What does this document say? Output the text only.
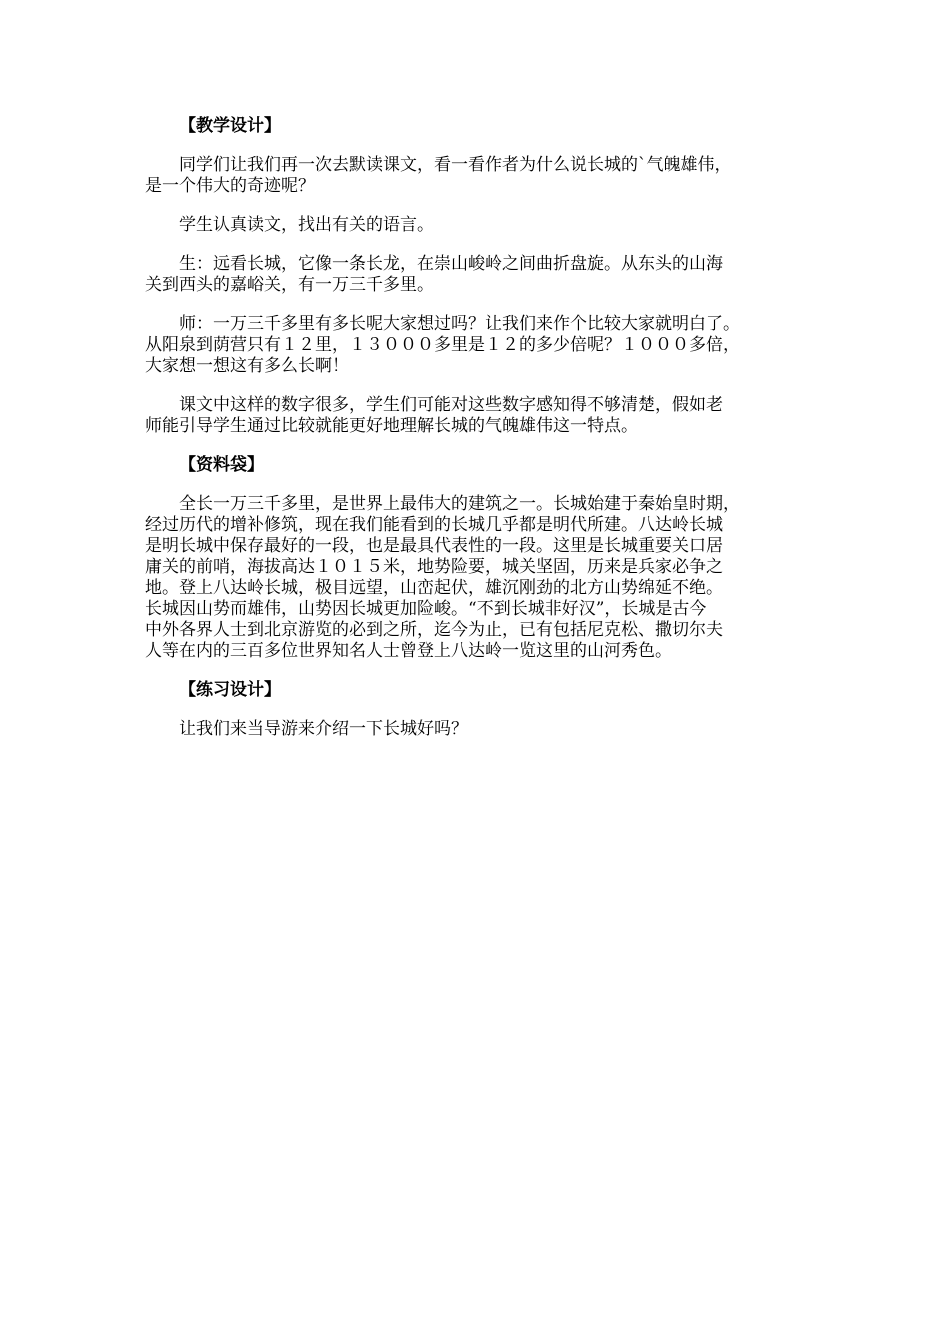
【教学设计】
同学们让我们再一次去默读课文，看一看作者为什么说长城的`气魄雄伟，
是一个伟大的奇迹呢？
学生认真读文，找出有关的语言。
生：远看长城，它像一条长龙，在崇山峻岭之间曲折盘旋。从东头的山海
关到西头的嘉峪关，有一万三千多里。
师：一万三千多里有多长呢大家想过吗？让我们来作个比较大家就明白了。
从阳泉到荫营只有１２里，１３０００多里是１２的多少倍呢？１０００多倍，
大家想一想这有多么长啊！
课文中这样的数字很多，学生们可能对这些数字感知得不够清楚，假如老
师能引导学生通过比较就能更好地理解长城的气魄雄伟这一特点。
【资料袋】
全长一万三千多里，是世界上最伟大的建筑之一。长城始建于秦始皇时期，
经过历代的增补修筑，现在我们能看到的长城几乎都是明代所建。八达岭长城
是明长城中保存最好的一段，也是最具代表性的一段。这里是长城重要关口居
庸关的前哨，海拔高达１０１５米，地势险要，城关坚固，历来是兵家必争之
地。登上八达岭长城，极目远望，山峦起伏，雄沉刚劲的北方山势绵延不绝。
长城因山势而雄伟，山势因长城更加险峻。“不到长城非好汉”，长城是古今
中外各界人士到北京游览的必到之所，迄今为止，已有包括尼克松、撒切尔夫
人等在内的三百多位世界知名人士曾登上八达岭一览这里的山河秀色。
【练习设计】
让我们来当导游来介绍一下长城好吗？
